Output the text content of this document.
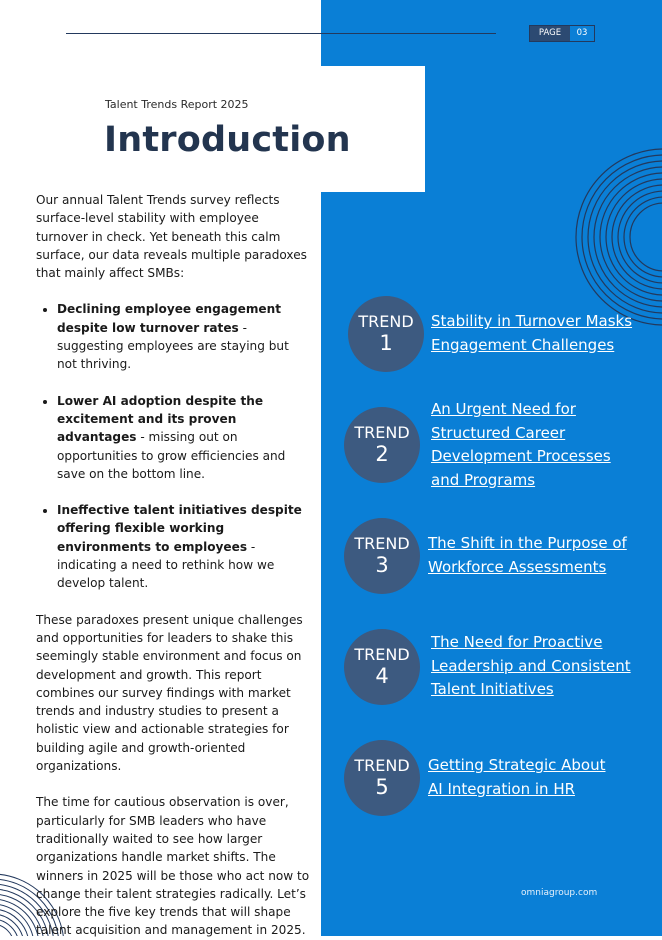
PAGE	03
Talent Trends Report 2025
Introduction

Our annual Talent Trends survey reflects surface-level stability with employee turnover in check. Yet beneath this calm surface, our data reveals multiple paradoxes that mainly affect SMBs:

• Declining employee engagement despite low turnover rates - suggesting employees are staying but not thriving.
• Lower AI adoption despite the excitement and its proven advantages - missing out on opportunities to grow efficiencies and save on the bottom line.
• Ineffective talent initiatives despite offering flexible working environments to employees - indicating a need to rethink how we develop talent.

These paradoxes present unique challenges and opportunities for leaders to shake this seemingly stable environment and focus on development and growth. This report combines our survey findings with market trends and industry studies to present a holistic view and actionable strategies for building agile and growth-oriented organizations.

The time for cautious observation is over, particularly for SMB leaders who have traditionally waited to see how larger organizations handle market shifts. The winners in 2025 will be those who act now to change their talent strategies radically. Let’s explore the five key trends that will shape talent acquisition and management in 2025.

TREND
1
Stability in Turnover Masks Engagement Challenges
TREND
2
An Urgent Need for Structured Career Development Processes and Programs
TREND
3
The Shift in the Purpose of Workforce Assessments
TREND
4
The Need for Proactive Leadership and Consistent Talent Initiatives
TREND
5
Getting Strategic About AI Integration in HR
omniagroup.com
